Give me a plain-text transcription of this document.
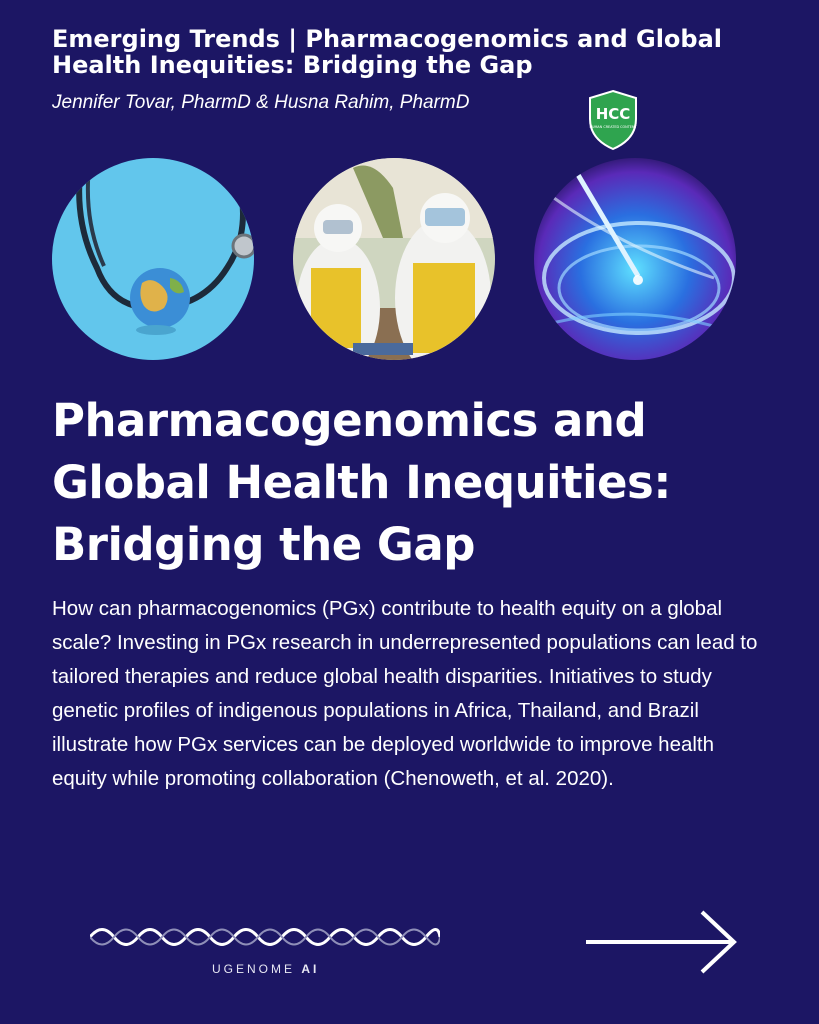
Emerging Trends | Pharmacogenomics and Global Health Inequities: Bridging the Gap

Jennifer Tovar, PharmD & Husna Rahim, PharmD

HCC
HUMAN CREATED CONTENT
Pharmacogenomics and Global Health Inequities: Bridging the Gap

How can pharmacogenomics (PGx) contribute to health equity on a global scale? Investing in PGx research in underrepresented populations can lead to tailored therapies and reduce global health disparities. Initiatives to study genetic profiles of indigenous populations in Africa, Thailand, and Brazil illustrate how PGx services can be deployed worldwide to improve health equity while promoting collaboration (Chenoweth, et al. 2020).

UGENOME AI
